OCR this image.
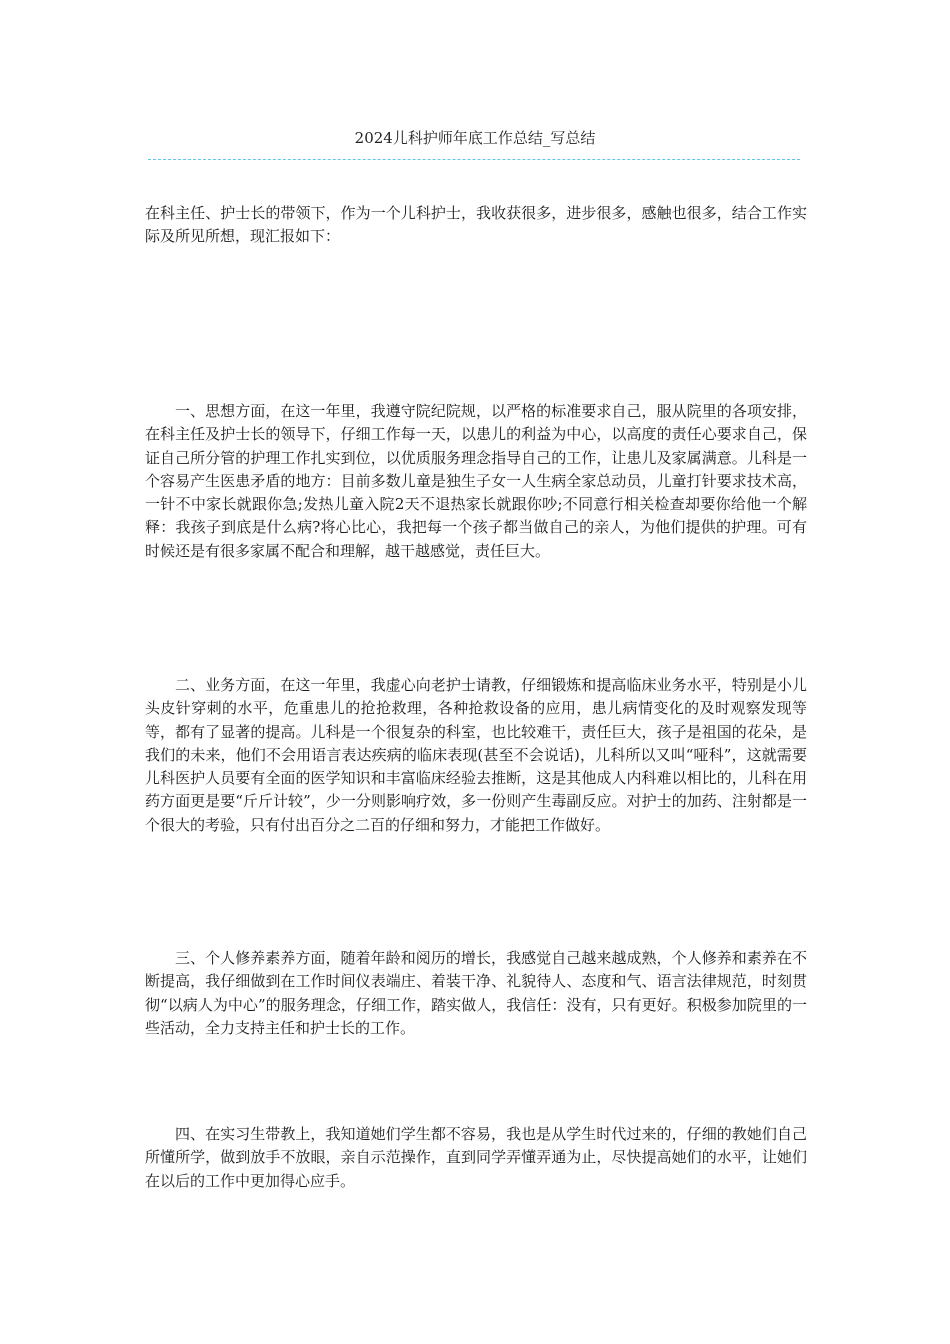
2024儿科护师年底工作总结_写总结

在科主任、护士长的带领下，作为一个儿科护士，我收获很多，进步很多，感触也很多，结合工作实际及所见所想，现汇报如下：

一、思想方面，在这一年里，我遵守院纪院规，以严格的标准要求自己，服从院里的各项安排，在科主任及护士长的领导下，仔细工作每一天，以患儿的利益为中心，以高度的责任心要求自己，保证自己所分管的护理工作扎实到位，以优质服务理念指导自己的工作，让患儿及家属满意。儿科是一个容易产生医患矛盾的地方：目前多数儿童是独生子女一人生病全家总动员，儿童打针要求技术高，一针不中家长就跟你急;发热儿童入院2天不退热家长就跟你吵;不同意行相关检查却要你给他一个解释：我孩子到底是什么病?将心比心，我把每一个孩子都当做自己的亲人，为他们提供的护理。可有时候还是有很多家属不配合和理解，越干越感觉，责任巨大。

二、业务方面，在这一年里，我虚心向老护士请教，仔细锻炼和提高临床业务水平，特别是小儿头皮针穿刺的水平，危重患儿的抢抢救理，各种抢救设备的应用，患儿病情变化的及时观察发现等等，都有了显著的提高。儿科是一个很复杂的科室，也比较难干，责任巨大，孩子是祖国的花朵，是我们的未来，他们不会用语言表达疾病的临床表现(甚至不会说话)，儿科所以又叫“哑科”，这就需要儿科医护人员要有全面的医学知识和丰富临床经验去推断，这是其他成人内科难以相比的，儿科在用药方面更是要“斤斤计较”，少一分则影响疗效，多一份则产生毒副反应。对护士的加药、注射都是一个很大的考验，只有付出百分之二百的仔细和努力，才能把工作做好。

三、个人修养素养方面，随着年龄和阅历的增长，我感觉自己越来越成熟，个人修养和素养在不断提高，我仔细做到在工作时间仪表端庄、着装干净、礼貌待人、态度和气、语言法律规范，时刻贯彻“以病人为中心”的服务理念，仔细工作，踏实做人，我信任：没有，只有更好。积极参加院里的一些活动，全力支持主任和护士长的工作。

四、在实习生带教上，我知道她们学生都不容易，我也是从学生时代过来的，仔细的教她们自己所懂所学，做到放手不放眼，亲自示范操作，直到同学弄懂弄通为止，尽快提高她们的水平，让她们在以后的工作中更加得心应手。
